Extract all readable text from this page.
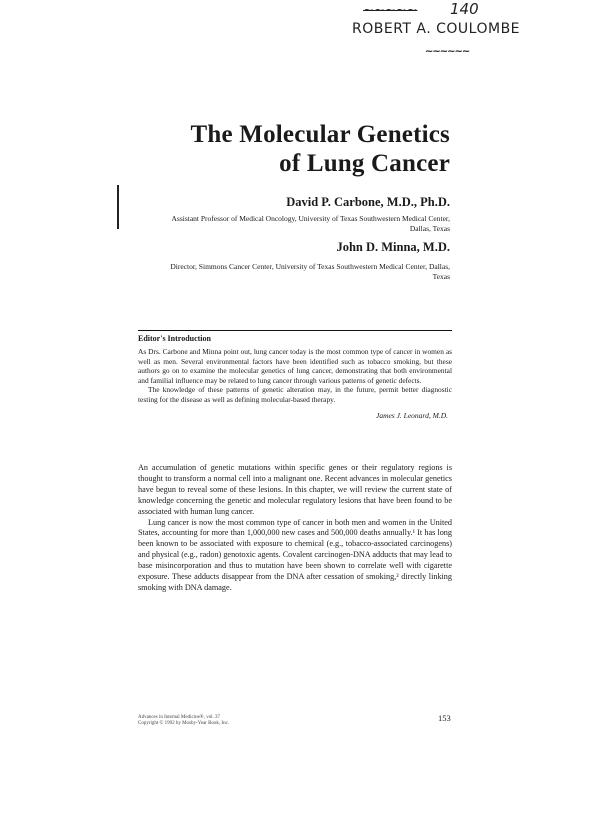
~~~~~ 140
ROBERT A. COULOMBE
~~~~~~
The Molecular Genetics
of Lung Cancer
David P. Carbone, M.D., Ph.D.
Assistant Professor of Medical Oncology, University of Texas Southwestern Medical Center, Dallas, Texas
John D. Minna, M.D.
Director, Simmons Cancer Center, University of Texas Southwestern Medical Center, Dallas, Texas
Editor's Introduction

As Drs. Carbone and Minna point out, lung cancer today is the most common type of cancer in women as well as men. Several environmental factors have been identified such as tobacco smoking, but these authors go on to examine the molecular genetics of lung cancer, demonstrating that both environmental and familial influence may be related to lung cancer through various patterns of genetic defects.

The knowledge of these patterns of genetic alteration may, in the future, permit better diagnostic testing for the disease as well as defining molecular-based therapy.

James J. Leonard, M.D.

An accumulation of genetic mutations within specific genes or their regulatory regions is thought to transform a normal cell into a malignant one. Recent advances in molecular genetics have begun to reveal some of these lesions. In this chapter, we will review the current state of knowledge concerning the genetic and molecular regulatory lesions that have been found to be associated with human lung cancer.

Lung cancer is now the most common type of cancer in both men and women in the United States, accounting for more than 1,000,000 new cases and 500,000 deaths annually.¹ It has long been known to be associated with exposure to chemical (e.g., tobacco-associated carcinogens) and physical (e.g., radon) genotoxic agents. Covalent carcinogen-DNA adducts that may lead to base misincorporation and thus to mutation have been shown to correlate well with cigarette exposure. These adducts disappear from the DNA after cessation of smoking,² directly linking smoking with DNA damage.

Advances in Internal Medicine®, vol. 37
Copyright © 1992 by Mosby-Year Book, Inc.
153
